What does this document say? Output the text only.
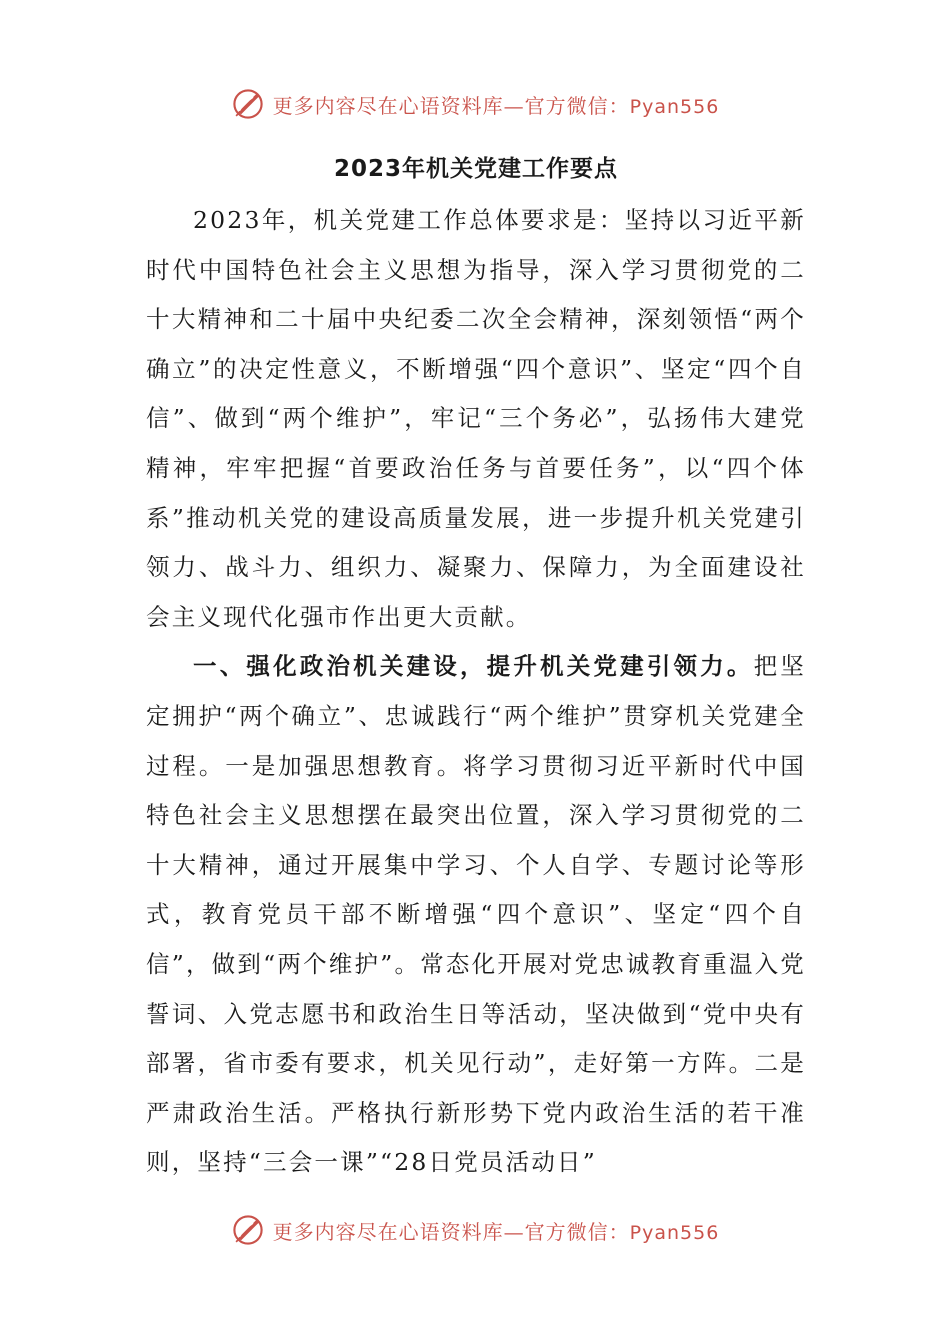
更多内容尽在心语资料库—官方微信：Pyan556
2023年机关党建工作要点

2023年，机关党建工作总体要求是：坚持以习近平新时代中国特色社会主义思想为指导，深入学习贯彻党的二十大精神和二十届中央纪委二次全会精神，深刻领悟“两个确立”的决定性意义，不断增强“四个意识”、坚定“四个自信”、做到“两个维护”，牢记“三个务必”，弘扬伟大建党精神，牢牢把握“首要政治任务与首要任务”，以“四个体系”推动机关党的建设高质量发展，进一步提升机关党建引领力、战斗力、组织力、凝聚力、保障力，为全面建设社会主义现代化强市作出更大贡献。

一、强化政治机关建设，提升机关党建引领力。把坚定拥护“两个确立”、忠诚践行“两个维护”贯穿机关党建全过程。一是加强思想教育。将学习贯彻习近平新时代中国特色社会主义思想摆在最突出位置，深入学习贯彻党的二十大精神，通过开展集中学习、个人自学、专题讨论等形式，教育党员干部不断增强“四个意识”、坚定“四个自信”，做到“两个维护”。常态化开展对党忠诚教育重温入党誓词、入党志愿书和政治生日等活动，坚决做到“党中央有部署，省市委有要求，机关见行动”，走好第一方阵。二是严肃政治生活。严格执行新形势下党内政治生活的若干准则，坚持“三会一课”“28日党员活动日”

更多内容尽在心语资料库—官方微信：Pyan556
